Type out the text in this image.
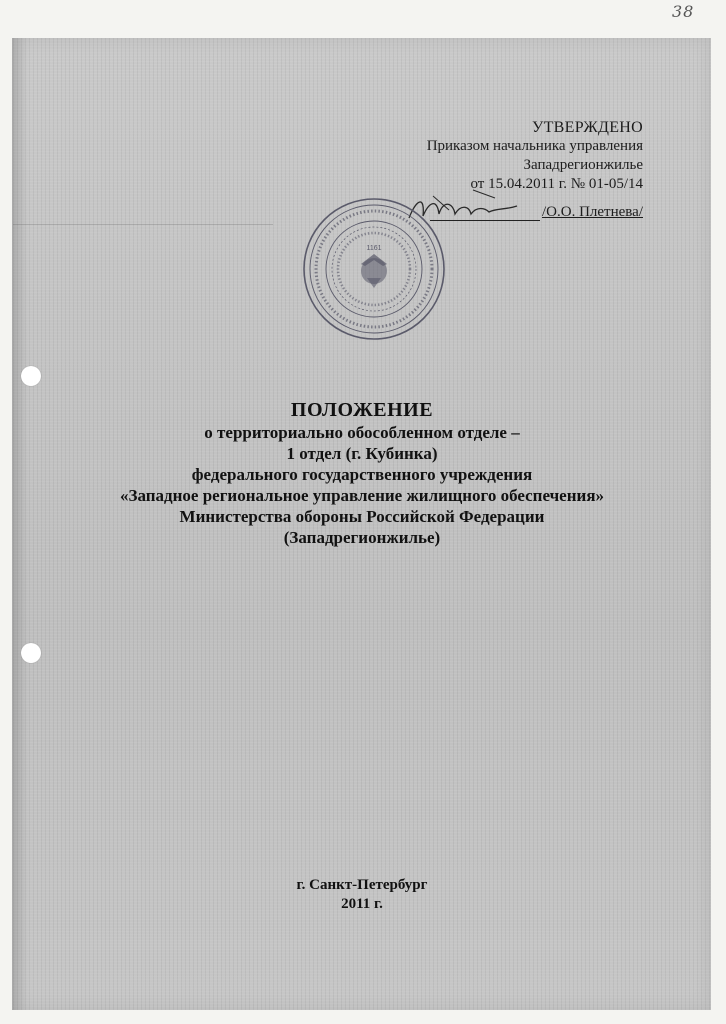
38
УТВЕРЖДЕНО
Приказом начальника управления
Западрегионжилье
от 15.04.2011 г. № 01-05/14
/О.О. Плетнева/
1161
ПОЛОЖЕНИЕ
о территориально обособленном отделе –
1 отдел (г. Кубинка)
федерального государственного учреждения
«Западное региональное управление жилищного обеспечения»
Министерства обороны Российской Федерации
(Западрегионжилье)
г. Санкт-Петербург
2011 г.
